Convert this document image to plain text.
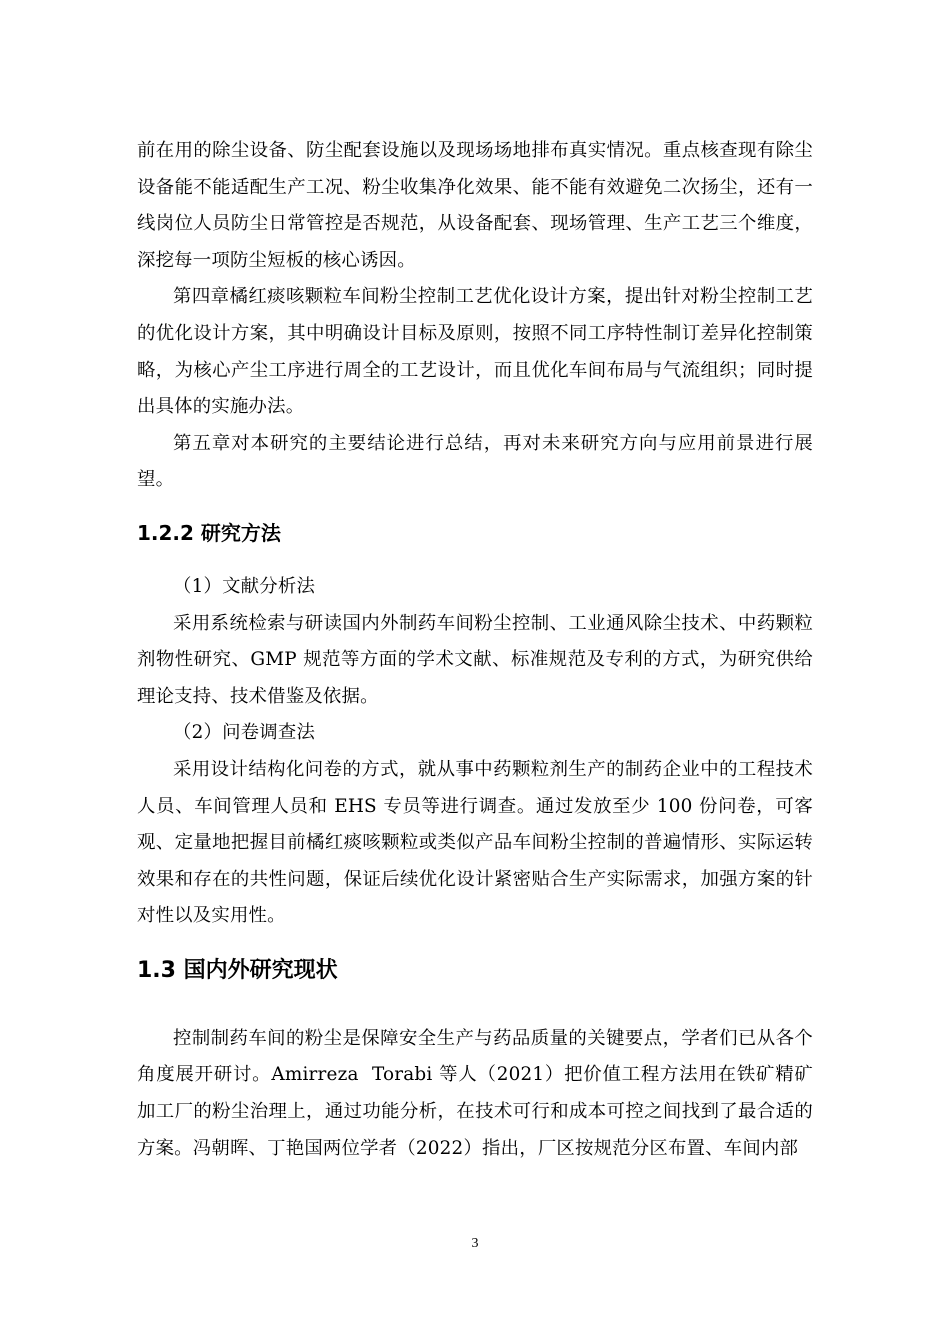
前在用的除尘设备、防尘配套设施以及现场场地排布真实情况。重点核查现有除尘设备能不能适配生产工况、粉尘收集净化效果、能不能有效避免二次扬尘，还有一线岗位人员防尘日常管控是否规范，从设备配套、现场管理、生产工艺三个维度，深挖每一项防尘短板的核心诱因。

第四章橘红痰咳颗粒车间粉尘控制工艺优化设计方案，提出针对粉尘控制工艺的优化设计方案，其中明确设计目标及原则，按照不同工序特性制订差异化控制策略，为核心产尘工序进行周全的工艺设计，而且优化车间布局与气流组织；同时提出具体的实施办法。

第五章对本研究的主要结论进行总结，再对未来研究方向与应用前景进行展望。

1.2.2 研究方法

（1）文献分析法

采用系统检索与研读国内外制药车间粉尘控制、工业通风除尘技术、中药颗粒剂物性研究、GMP 规范等方面的学术文献、标准规范及专利的方式，为研究供给理论支持、技术借鉴及依据。

（2）问卷调查法

采用设计结构化问卷的方式，就从事中药颗粒剂生产的制药企业中的工程技术人员、车间管理人员和 EHS 专员等进行调查。通过发放至少 100 份问卷，可客观、定量地把握目前橘红痰咳颗粒或类似产品车间粉尘控制的普遍情形、实际运转效果和存在的共性问题，保证后续优化设计紧密贴合生产实际需求，加强方案的针对性以及实用性。

1.3 国内外研究现状

控制制药车间的粉尘是保障安全生产与药品质量的关键要点，学者们已从各个角度展开研讨。Amirreza  Torabi 等人（2021）把价值工程方法用在铁矿精矿加工厂的粉尘治理上，通过功能分析，在技术可行和成本可控之间找到了最合适的方案。冯朝晖、丁艳国两位学者（2022）指出，厂区按规范分区布置、车间内部

3
